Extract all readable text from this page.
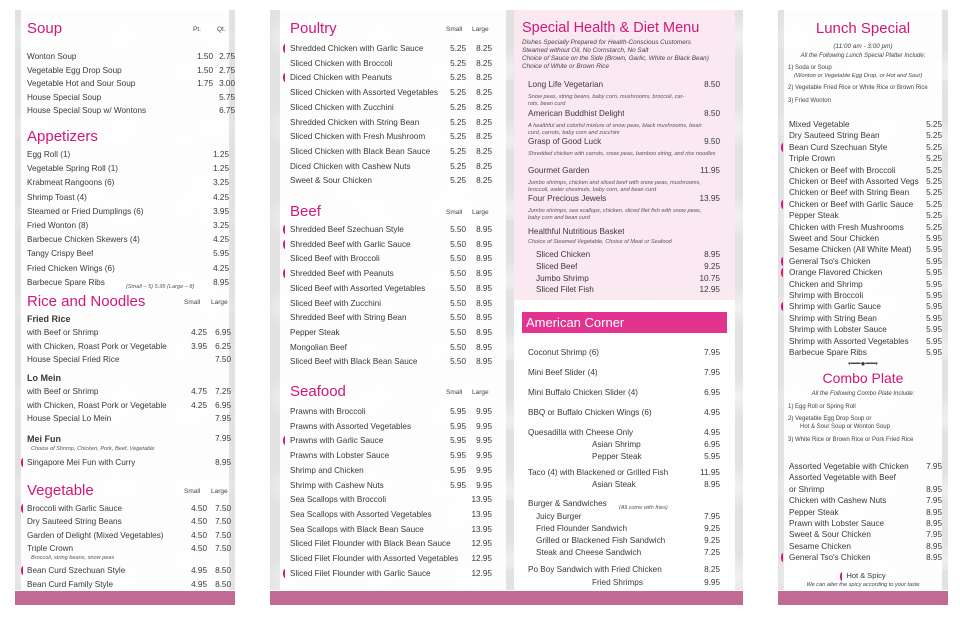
Soup	Pt. Qt.
Wonton Soup	1.50 2.75
Vegetable Egg Drop Soup	1.50 2.75
Vegetable Hot and Sour Soup	1.75 3.00
House Special Soup	5.75
House Special Soup w/ Wontons	6.75
Appetizers
Egg Roll (1)	1.25
Vegetable Spring Roll (1)	1.25
Krabmeat Rangoons (6)	3.25
Shrimp Toast (4)	4.25
Steamed or Fried Dumplings (6)	3.95
Fried Wonton (8)	3.25
Barbecue Chicken Skewers (4)	4.25
Tangy Crispy Beef	5.95
Fried Chicken Wings (6)	4.25
Barbecue Spare Ribs	(Small – 5) 5.95 (Large – 8)	8.95
Rice and Noodles	Small Large
Fried Rice
with Beef or Shrimp	4.25 6.95
with Chicken, Roast Pork or Vegetable	3.95 6.25
House Special Fried Rice	7.50
Lo Mein
with Beef or Shrimp	4.75 7.25
with Chicken, Roast Pork or Vegetable	4.25 6.95
House Special Lo Mein	7.95
Mei Fun	7.95
Choice of Shrimp, Chicken, Pork, Beef, Vegetable
Singapore Mei Fun with Curry	8.95
Vegetable	Small Large
Broccoli with Garlic Sauce	4.50 7.50
Dry Sauteed String Beans	4.50 7.50
Garden of Delight (Mixed Vegetables)	4.50 7.50
Triple Crown	4.50 7.50
Bean Curd Szechuan Style	4.95 8.50
Bean Curd Family Style	4.95 8.50
Broccoli, string beans, snow peas
Poultry	Small Large
Shredded Chicken with Garlic Sauce	5.25	8.25
Sliced Chicken with Broccoli	5.25	8.25
Diced Chicken with Peanuts	5.25	8.25
Sliced Chicken with Assorted Vegetables	5.25	8.25
Sliced Chicken with Zucchini	5.25	8.25
Shredded Chicken with String Bean	5.25	8.25
Sliced Chicken with Fresh Mushroom	5.25	8.25
Sliced Chicken with Black Bean Sauce	5.25	8.25
Diced Chicken with Cashew Nuts	5.25	8.25
Sweet & Sour Chicken	5.25	8.25
Beef	Small Large
Shredded Beef Szechuan Style	5.50	8.95
Shredded Beef with Garlic Sauce	5.50	8.95
Sliced Beef with Broccoli	5.50	8.95
Shredded Beef with Peanuts	5.50	8.95
Sliced Beef with Assorted Vegetables	5.50	8.95
Sliced Beef with Zucchini	5.50	8.95
Shredded Beef with String Bean	5.50	8.95
Pepper Steak	5.50	8.95
Mongolian Beef	5.50	8.95
Sliced Beef with Black Bean Sauce	5.50	8.95
Seafood	Small Large
Prawns with Broccoli	5.95	9.95
Prawns with Assorted Vegetables	5.95	9.95
Prawns with Garlic Sauce	5.95	9.95
Prawns with Lobster Sauce	5.95	9.95
Shrimp and Chicken	5.95	9.95
Shrimp with Cashew Nuts	5.95	9.95
Sea Scallops with Broccoli	13.95
Sea Scallops with Assorted Vegetables	13.95
Sea Scallops with Black Bean Sauce	13.95
Sliced Filet Flounder with Black Bean Sauce	12.95
Sliced Filet Flounder with Assorted Vegetables	12.95
Sliced Filet Flounder with Garlic Sauce	12.95
Special Health & Diet Menu
Dishes Specially Prepared for Health-Conscious Customers
Steamed without Oil, No Cornstarch, No Salt
Choice of Sauce on the Side (Brown, Garlic, White or Black Bean)
Choice of White or Brown Rice
Long Life Vegetarian	8.50
Snow peas, string beans, baby corn, mushrooms, broccoli, car-
rots, bean curd
American Buddhist Delight	8.50
A healthful and colorful mixture of snow peas, black mushrooms, bean
curd, carrots, baby corn and zucchini
Grasp of Good Luck	9.50
Shredded chicken with carrots, snow peas, bamboo string, and rice noodles
Gourmet Garden	11.95
Jumbo shrimps, chicken and sliced beef with snow peas, mushrooms,
broccoli, water chestnuts, baby corn, and bean curd
Four Precious Jewels	13.95
Jumbo shrimps, sea scallops, chicken, sliced filet fish with snow peas,
baby corn and bean curd
Healthful Nutritious Basket
Choice of Steamed Vegetable, Choice of Meat or Seafood
Sliced Chicken	8.95
Sliced Beef	9.25
Jumbo Shrimp	10.75
Sliced Filet Fish	12.95
American Corner
Coconut Shrimp (6)	7.95
Mini Beef Slider (4)	7.95
Mini Buffalo Chicken Slider (4)	6.95
BBQ or Buffalo Chicken Wings (6)	4.95
Quesadilla with Cheese Only	4.95
Asian Shrimp	6.95
Pepper Steak	5.95
Taco (4) with Blackened or Grilled Fish	11.95
Asian Steak	8.95
Burger & Sandwiches (All come with fries)
Juicy Burger	7.95
Fried Flounder Sandwich	9.25
Grilled or Blackened Fish Sandwich	9.25
Steak and Cheese Sandwich	7.25
Po Boy Sandwich with Fried Chicken	8.25
Fried Shrimps	9.95
Lunch Special
(11:00 am - 3:00 pm)
All the Following Lunch Special Platter Include:
1) Soda or Soup
(Wonton or Vegetable Egg Drop, or Hot and Sour)
2) Vegetable Fried Rice or White Rice or Brown Rice
3) Fried Wonton
Mixed Vegetable	5.25
Dry Sauteed String Bean	5.25
Bean Curd Szechuan Style	5.25
Triple Crown	5.25
Chicken or Beef with Broccoli	5.25
Chicken or Beef with Assorted Vegs 5.25
Chicken or Beef with String Bean	5.25
Chicken or Beef with Garlic Sauce	5.25
Pepper Steak	5.25
Chicken with Fresh Mushrooms	5.25
Sweet and Sour Chicken	5.95
Sesame Chicken (All White Meat)	5.95
General Tso's Chicken	5.95
Orange Flavored Chicken	5.95
Chicken and Shrimp	5.95
Shrimp with Broccoli	5.95
Shrimp with Garlic Sauce	5.95
Shrimp with String Bean	5.95
Shrimp with Lobster Sauce	5.95
Shrimp with Assorted Vegetables	5.95
Barbecue Spare Ribs	5.95
•━━●━━•
Combo Plate
All the Following Combo Plate Include:
1) Egg Roll or Spring Roll
2) Vegetable Egg Drop Soup or
Hot & Sour Soup or Wonton Soup
3) White Rice or Brown Rice or Pork Fried Rice
Assorted Vegetable with Chicken	7.95
Assorted Vegetable with Beef
or Shrimp	8.95
Chicken with Cashew Nuts	7.95
Pepper Steak	8.95
Prawn with Lobster Sauce	8.95
Sweet & Sour Chicken	7.95
Sesame Chicken	8.95
General Tso's Chicken	8.95
Hot & Spicy
We can alter the spicy according to your taste
